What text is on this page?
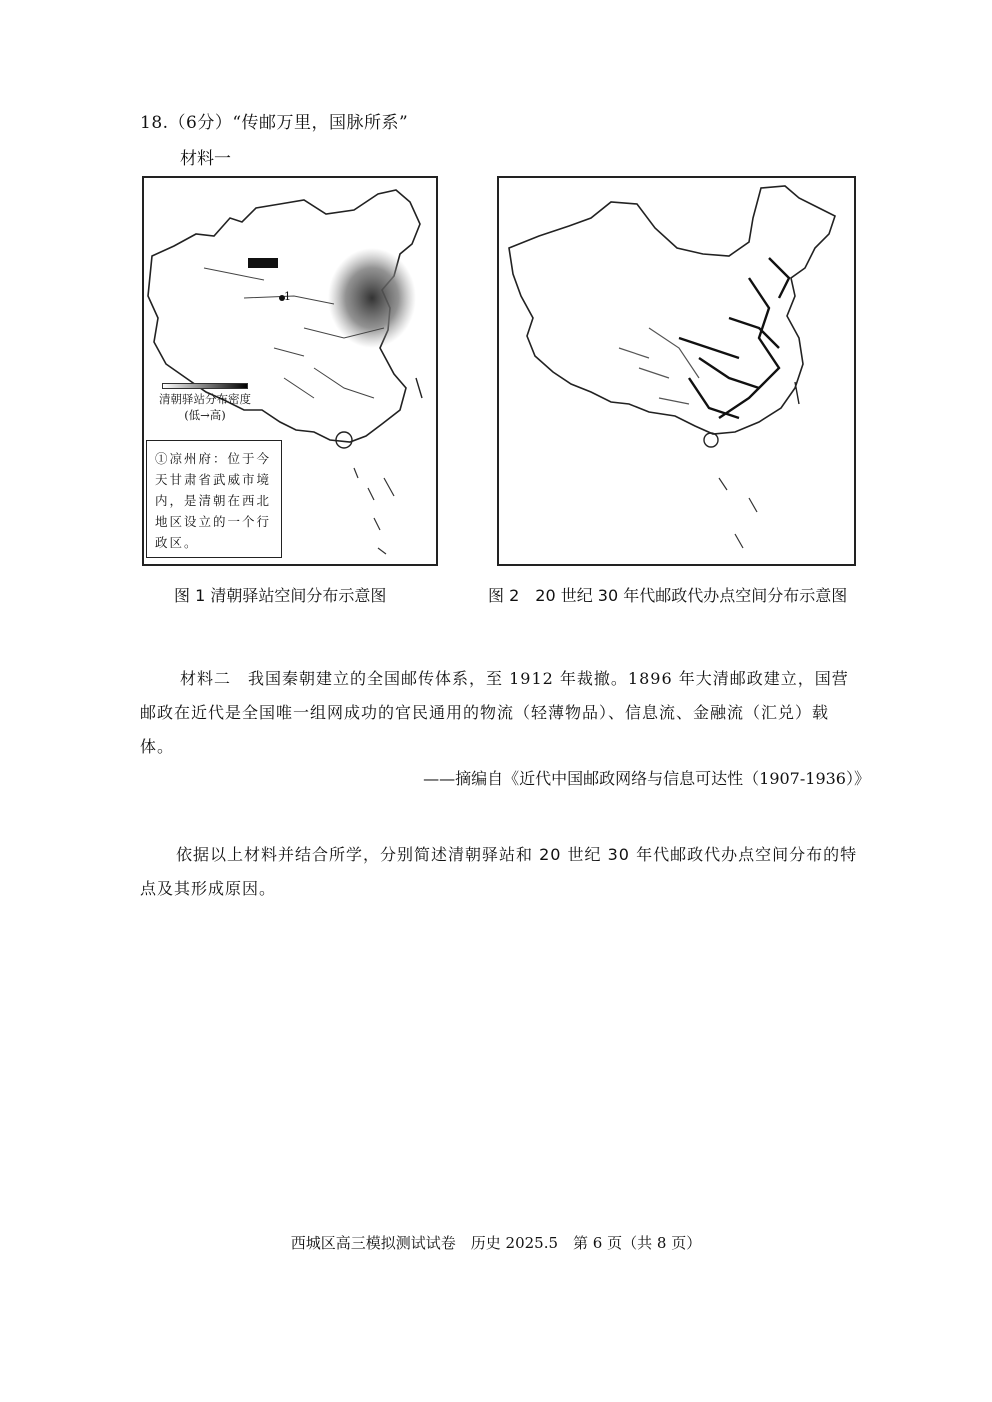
18.（6分）“传邮万里，国脉所系”
材料一
1
清朝驿站分布密度
(低→高)
①凉州府：位于今天甘肃省武威市境内，是清朝在西北地区设立的一个行政区。
图 1 清朝驿站空间分布示意图	图 2　20 世纪 30 年代邮政代办点空间分布示意图
材料二　 我国秦朝建立的全国邮传体系，至 1912 年裁撤。1896 年大清邮政建立，国营邮政在近代是全国唯一组网成功的官民通用的物流（轻薄物品）、信息流、金融流（汇兑）载体。
——摘编自《近代中国邮政网络与信息可达性（1907-1936）》
依据以上材料并结合所学，分别简述清朝驿站和 20 世纪 30 年代邮政代办点空间分布的特点及其形成原因。
西城区高三模拟测试试卷　历史 2025.5　第 6 页（共 8 页）
